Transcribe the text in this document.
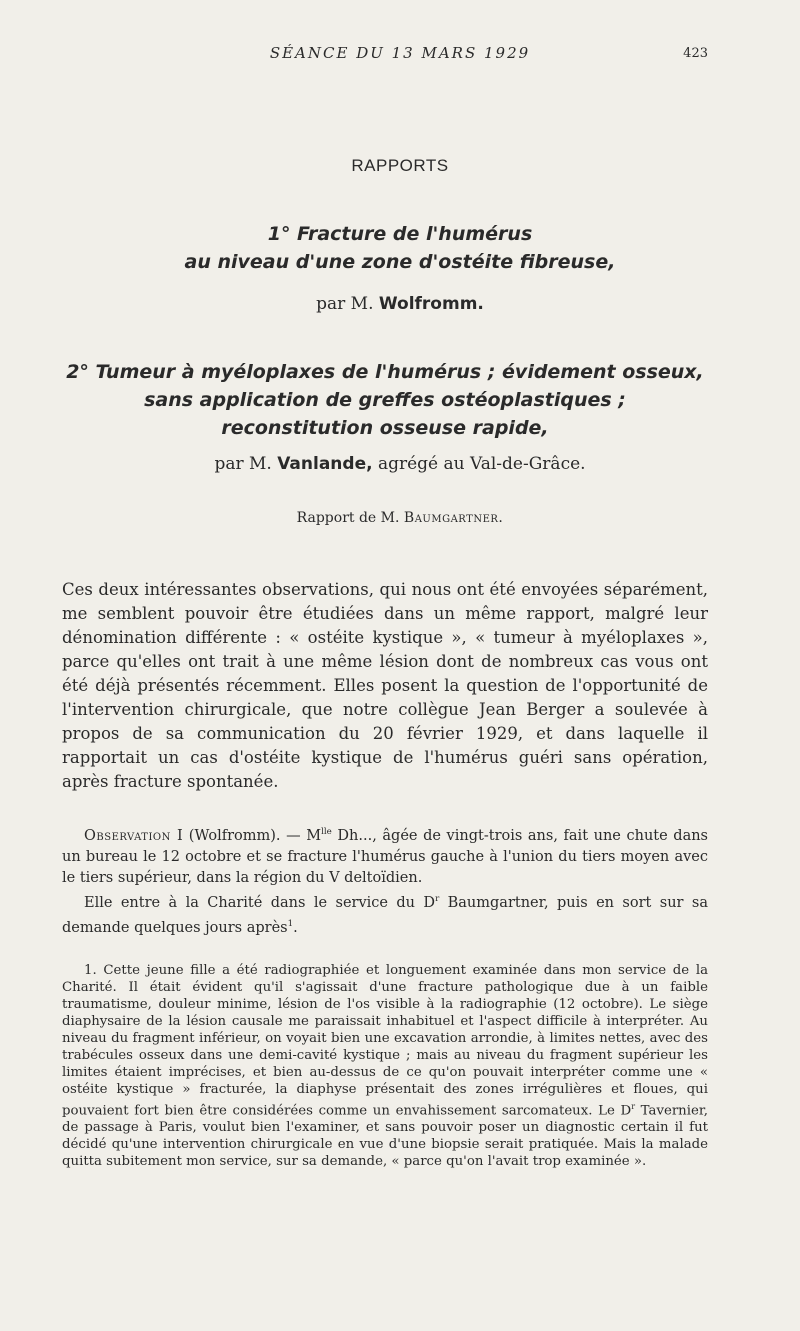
SÉANCE DU 13 MARS 1929	423
RAPPORTS
1° Fracture de l'humérus
au niveau d'une zone d'ostéite fibreuse,
par M. Wolfromm.
2° Tumeur à myéloplaxes de l'humérus ; évidement osseux,
sans application de greffes ostéoplastiques ;
reconstitution osseuse rapide,
par M. Vanlande, agrégé au Val-de-Grâce.
Rapport de M. Baumgartner.

Ces deux intéressantes observations, qui nous ont été envoyées séparément, me semblent pouvoir être étudiées dans un même rapport, malgré leur dénomination différente : « ostéite kystique », « tumeur à myéloplaxes », parce qu'elles ont trait à une même lésion dont de nombreux cas vous ont été déjà présentés récemment. Elles posent la question de l'opportunité de l'intervention chirurgicale, que notre collègue Jean Berger a soulevée à propos de sa communication du 20 février 1929, et dans laquelle il rapportait un cas d'ostéite kystique de l'humérus guéri sans opération, après fracture spontanée.

Observation I (Wolfromm). — $M^{lle}$ Dh..., âgée de vingt-trois ans, fait une chute dans un bureau le 12 octobre et se fracture l'humérus gauche à l'union du tiers moyen avec le tiers supérieur, dans la région du V deltoïdien.

Elle entre à la Charité dans le service du $D^r$ Baumgartner, puis en sort sur sa demande quelques jours après$^1$.

1. Cette jeune fille a été radiographiée et longuement examinée dans mon service de la Charité. Il était évident qu'il s'agissait d'une fracture pathologique due à un faible traumatisme, douleur minime, lésion de l'os visible à la radiographie (12 octobre). Le siège diaphysaire de la lésion causale me paraissait inhabituel et l'aspect difficile à interpréter. Au niveau du fragment inférieur, on voyait bien une excavation arrondie, à limites nettes, avec des trabécules osseux dans une demi-cavité kystique ; mais au niveau du fragment supérieur les limites étaient imprécises, et bien au-dessus de ce qu'on pouvait interpréter comme une « ostéite kystique » fracturée, la diaphyse présentait des zones irrégulières et floues, qui pouvaient fort bien être considérées comme un envahissement sarcomateux. Le $D^r$ Tavernier, de passage à Paris, voulut bien l'examiner, et sans pouvoir poser un diagnostic certain il fut décidé qu'une intervention chirurgicale en vue d'une biopsie serait pratiquée. Mais la malade quitta subitement mon service, sur sa demande, « parce qu'on l'avait trop examinée ».
